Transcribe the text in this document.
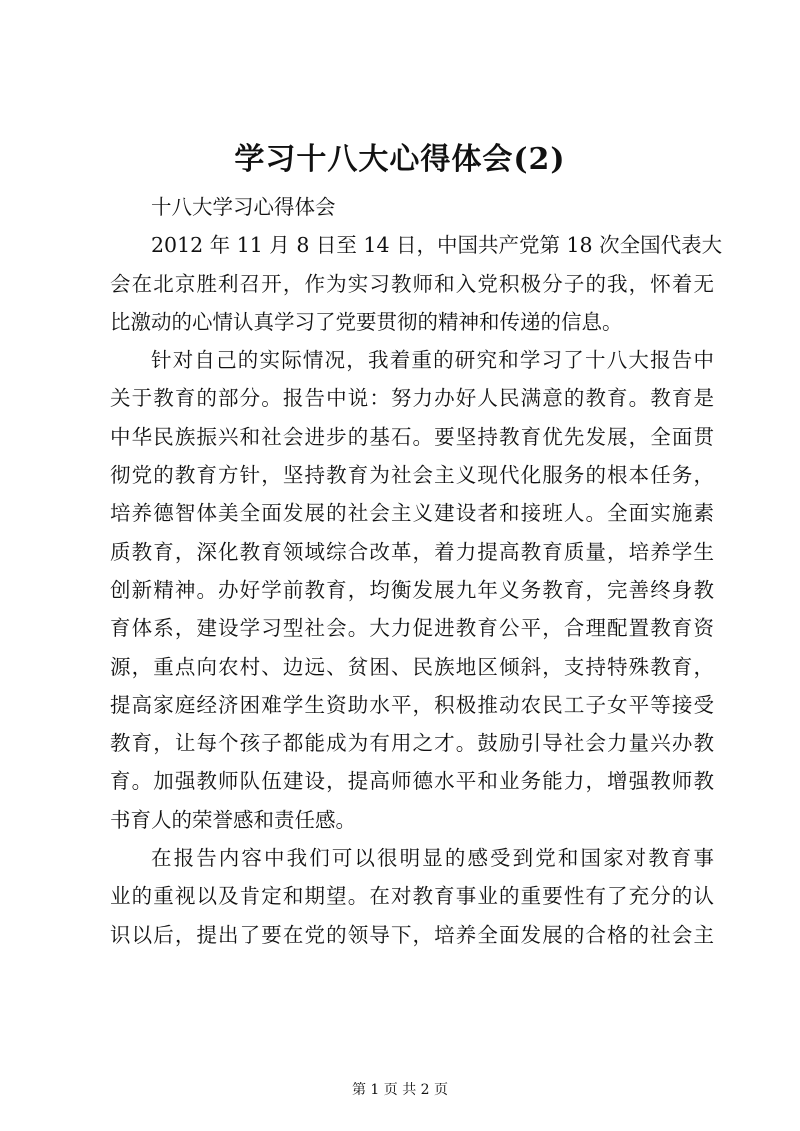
学习十八大心得体会(2)

十八大学习心得体会

2012 年 11 月 8 日至 14 日，中国共产党第 18 次全国代表大
会在北京胜利召开，作为实习教师和入党积极分子的我，怀着无
比激动的心情认真学习了党要贯彻的精神和传递的信息。

针对自己的实际情况，我着重的研究和学习了十八大报告中
关于教育的部分。报告中说：努力办好人民满意的教育。教育是
中华民族振兴和社会进步的基石。要坚持教育优先发展，全面贯
彻党的教育方针，坚持教育为社会主义现代化服务的根本任务，
培养德智体美全面发展的社会主义建设者和接班人。全面实施素
质教育，深化教育领域综合改革，着力提高教育质量，培养学生
创新精神。办好学前教育，均衡发展九年义务教育，完善终身教
育体系，建设学习型社会。大力促进教育公平，合理配置教育资
源，重点向农村、边远、贫困、民族地区倾斜，支持特殊教育，
提高家庭经济困难学生资助水平，积极推动农民工子女平等接受
教育，让每个孩子都能成为有用之才。鼓励引导社会力量兴办教
育。加强教师队伍建设，提高师德水平和业务能力，增强教师教
书育人的荣誉感和责任感。

在报告内容中我们可以很明显的感受到党和国家对教育事
业的重视以及肯定和期望。在对教育事业的重要性有了充分的认
识以后，提出了要在党的领导下，培养全面发展的合格的社会主

第 1 页 共 2 页
